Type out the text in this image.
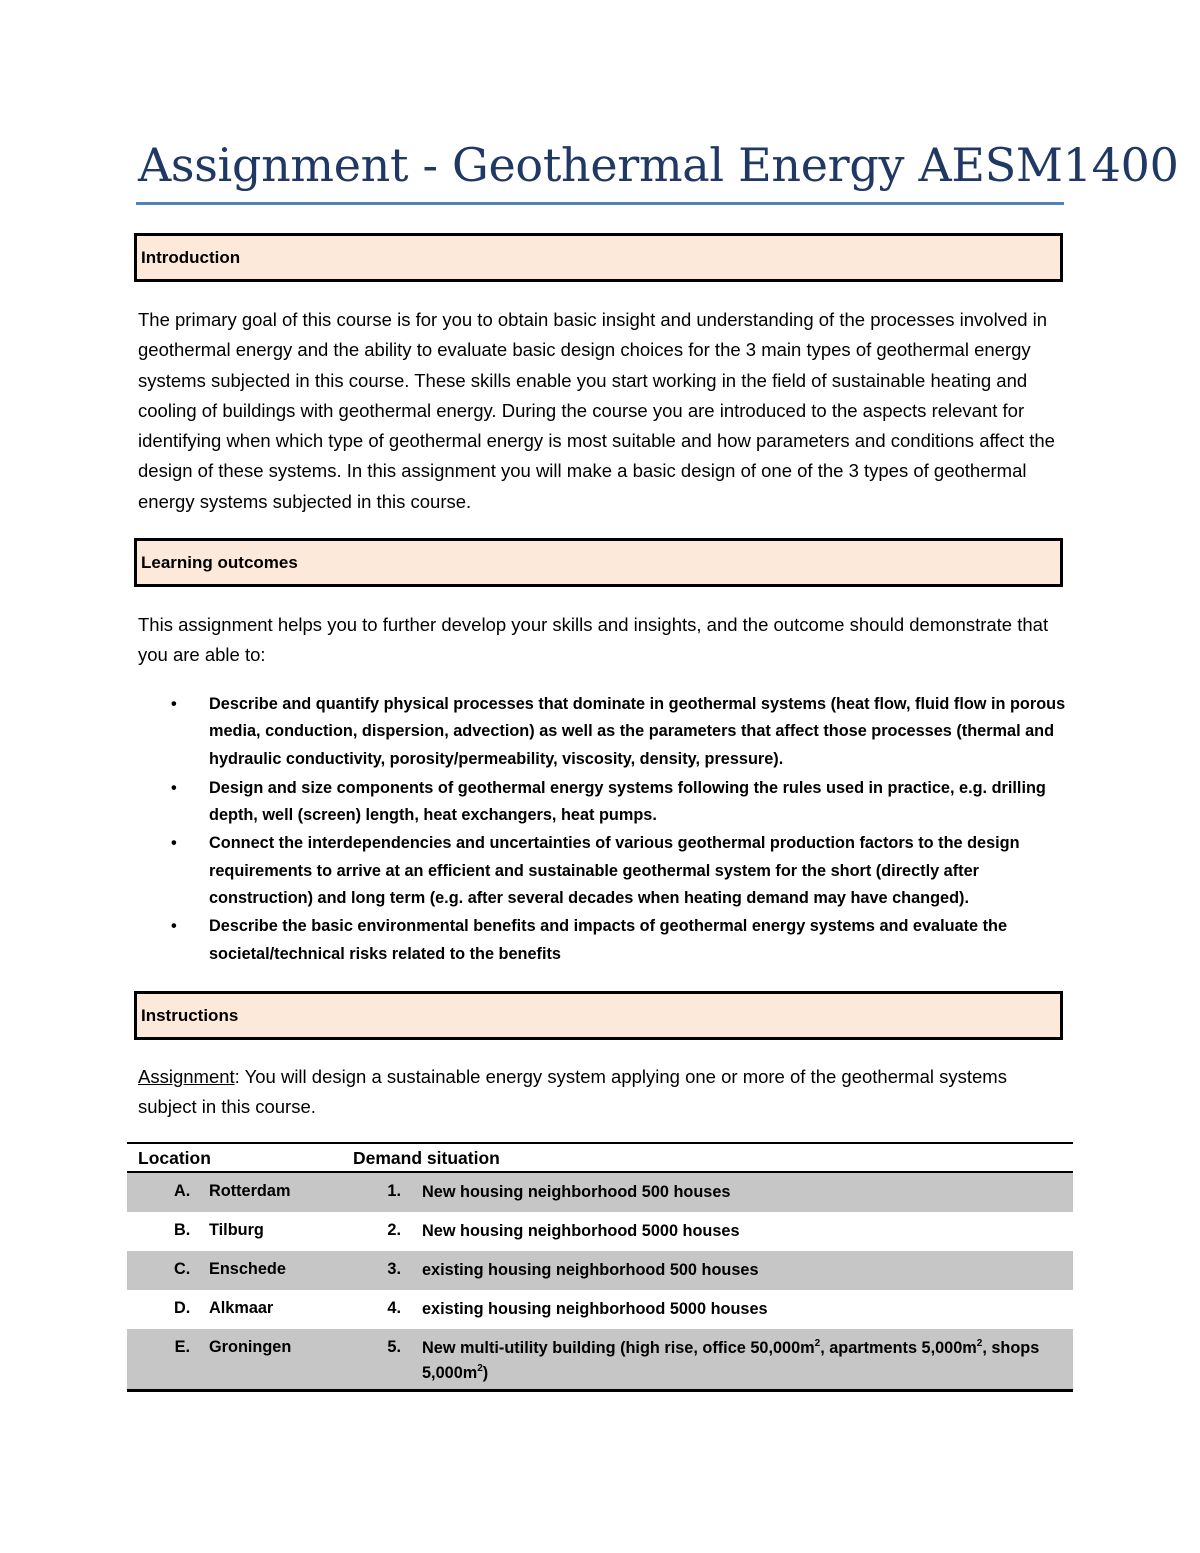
Assignment - Geothermal Energy AESM1400
Introduction

The primary goal of this course is for you to obtain basic insight and understanding of the processes involved in geothermal energy and the ability to evaluate basic design choices for the 3 main types of geothermal energy systems subjected in this course. These skills enable you start working in the field of sustainable heating and cooling of buildings with geothermal energy. During the course you are introduced to the aspects relevant for identifying when which type of geothermal energy is most suitable and how parameters and conditions affect the design of these systems. In this assignment you will make a basic design of one of the 3 types of geothermal energy systems subjected in this course.

Learning outcomes

This assignment helps you to further develop your skills and insights, and the outcome should demonstrate that you are able to:

• Describe and quantify physical processes that dominate in geothermal systems (heat flow, fluid flow in porous media, conduction, dispersion, advection) as well as the parameters that affect those processes (thermal and hydraulic conductivity, porosity/permeability, viscosity, density, pressure).
• Design and size components of geothermal energy systems following the rules used in practice, e.g. drilling depth, well (screen) length, heat exchangers, heat pumps.
• Connect the interdependencies and uncertainties of various geothermal production factors to the design requirements to arrive at an efficient and sustainable geothermal system for the short (directly after construction) and long term (e.g. after several decades when heating demand may have changed).
• Describe the basic environmental benefits and impacts of geothermal energy systems and evaluate the societal/technical risks related to the benefits
Instructions

Assignment: You will design a sustainable energy system applying one or more of the geothermal systems subject in this course.

Location	Demand situation
A. Rotterdam	1. New housing neighborhood 500 houses
B. Tilburg	2. New housing neighborhood 5000 houses
C. Enschede	3. existing housing neighborhood 500 houses
D. Alkmaar	4. existing housing neighborhood 5000 houses
E. Groningen	5. New multi-utility building (high rise, office $50,000m^2$, apartments $5,000m^2$, shops $5,000m^2$)
